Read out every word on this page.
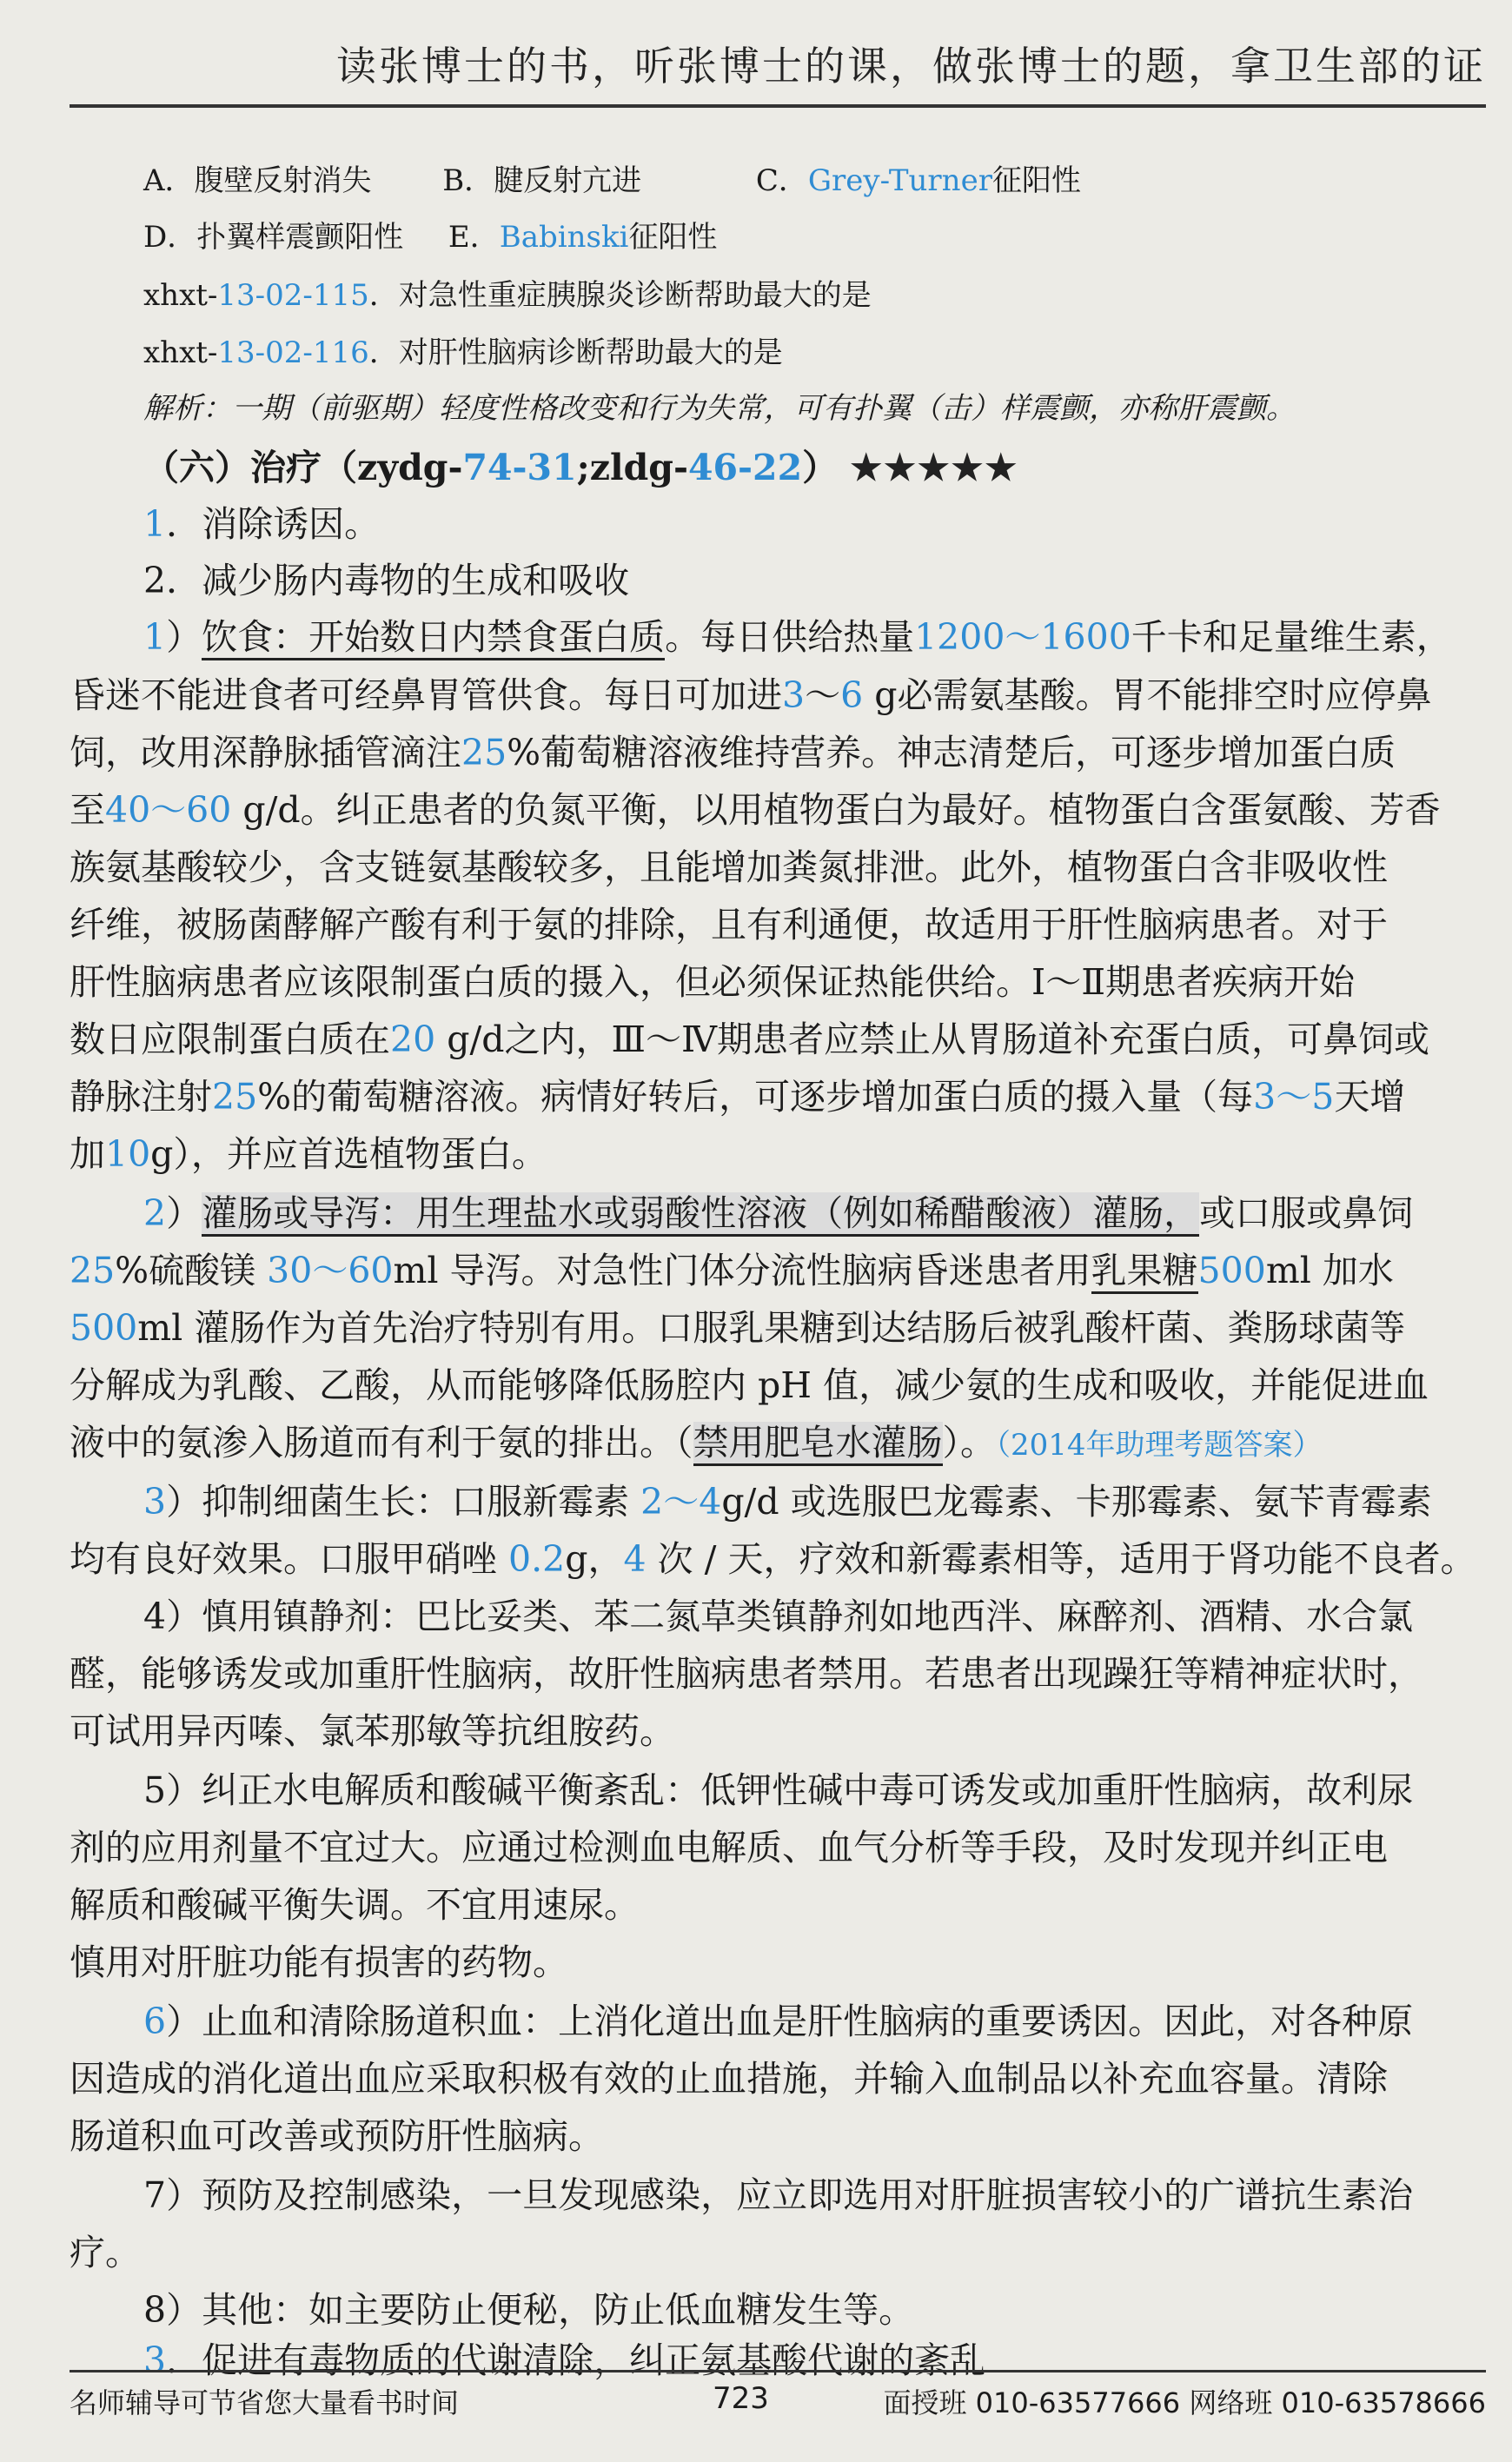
读张博士的书，听张博士的课，做张博士的题，拿卫生部的证
A．腹壁反射消失 B．腱反射亢进	C．Grey-Turner征阳性
D．扑翼样震颤阳性 E．Babinski征阳性
xhxt-13-02-115．对急性重症胰腺炎诊断帮助最大的是
xhxt-13-02-116．对肝性脑病诊断帮助最大的是
解析：一期（前驱期）轻度性格改变和行为失常，可有扑翼（击）样震颤，亦称肝震颤。
（六）治疗（zydg-74-31;zldg-46-22） ★★★★★
1．消除诱因。
2．减少肠内毒物的生成和吸收
1）饮食：开始数日内禁食蛋白质。每日供给热量1200～1600千卡和足量维生素，
昏迷不能进食者可经鼻胃管供食。每日可加进3～6 g必需氨基酸。胃不能排空时应停鼻
饲，改用深静脉插管滴注25%葡萄糖溶液维持营养。神志清楚后，可逐步增加蛋白质
至40～60 g/d。纠正患者的负氮平衡，以用植物蛋白为最好。植物蛋白含蛋氨酸、芳香
族氨基酸较少，含支链氨基酸较多，且能增加粪氮排泄。此外，植物蛋白含非吸收性
纤维，被肠菌酵解产酸有利于氨的排除，且有利通便，故适用于肝性脑病患者。对于
肝性脑病患者应该限制蛋白质的摄入，但必须保证热能供给。Ⅰ～Ⅱ期患者疾病开始
数日应限制蛋白质在20 g/d之内，Ⅲ～Ⅳ期患者应禁止从胃肠道补充蛋白质，可鼻饲或
静脉注射25%的葡萄糖溶液。病情好转后，可逐步增加蛋白质的摄入量（每3～5天增
加10g），并应首选植物蛋白。
2）灌肠或导泻：用生理盐水或弱酸性溶液（例如稀醋酸液）灌肠，或口服或鼻饲
25%硫酸镁 30～60ml 导泻。对急性门体分流性脑病昏迷患者用乳果糖500ml 加水
500ml 灌肠作为首先治疗特别有用。口服乳果糖到达结肠后被乳酸杆菌、粪肠球菌等
分解成为乳酸、乙酸，从而能够降低肠腔内 pH 值，减少氨的生成和吸收，并能促进血
液中的氨渗入肠道而有利于氨的排出。（禁用肥皂水灌肠）。（2014年助理考题答案）
3）抑制细菌生长：口服新霉素 2～4g/d 或选服巴龙霉素、卡那霉素、氨苄青霉素
均有良好效果。口服甲硝唑 0.2g，4 次 / 天，疗效和新霉素相等，适用于肾功能不良者。
4）慎用镇静剂：巴比妥类、苯二氮草类镇静剂如地西泮、麻醉剂、酒精、水合氯
醛，能够诱发或加重肝性脑病，故肝性脑病患者禁用。若患者出现躁狂等精神症状时，
可试用异丙嗪、氯苯那敏等抗组胺药。
5）纠正水电解质和酸碱平衡紊乱：低钾性碱中毒可诱发或加重肝性脑病，故利尿
剂的应用剂量不宜过大。应通过检测血电解质、血气分析等手段，及时发现并纠正电
解质和酸碱平衡失调。不宜用速尿。
慎用对肝脏功能有损害的药物。
6）止血和清除肠道积血：上消化道出血是肝性脑病的重要诱因。因此，对各种原
因造成的消化道出血应采取积极有效的止血措施，并输入血制品以补充血容量。清除
肠道积血可改善或预防肝性脑病。
7）预防及控制感染，一旦发现感染，应立即选用对肝脏损害较小的广谱抗生素治
疗。
8）其他：如主要防止便秘，防止低血糖发生等。
3．促进有毒物质的代谢清除，纠正氨基酸代谢的紊乱
名师辅导可节省您大量看书时间	723	面授班 010-63577666 网络班 010-63578666
